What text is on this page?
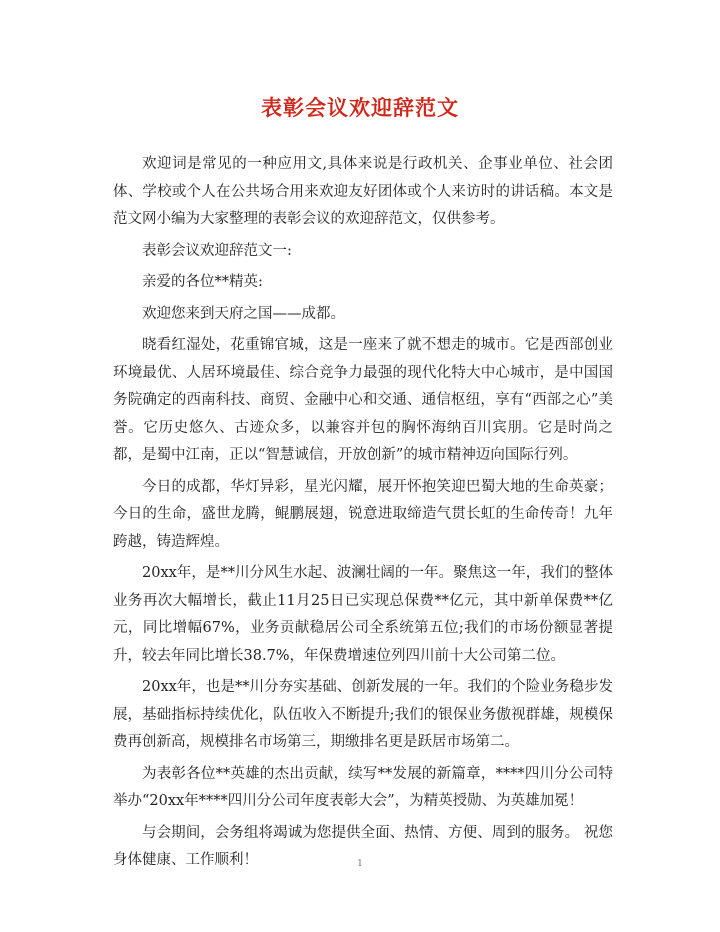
表彰会议欢迎辞范文

欢迎词是常见的一种应用文,具体来说是行政机关、企事业单位、社会团体、学校或个人在公共场合用来欢迎友好团体或个人来访时的讲话稿。本文是范文网小编为大家整理的表彰会议的欢迎辞范文，仅供参考。

表彰会议欢迎辞范文一:

亲爱的各位**精英:

欢迎您来到天府之国——成都。

晓看红湿处，花重锦官城，这是一座来了就不想走的城市。它是西部创业环境最优、人居环境最佳、综合竞争力最强的现代化特大中心城市，是中国国务院确定的西南科技、商贸、金融中心和交通、通信枢纽，享有“西部之心”美誉。它历史悠久、古迹众多，以兼容并包的胸怀海纳百川宾朋。它是时尚之都，是蜀中江南，正以“智慧诚信，开放创新”的城市精神迈向国际行列。

今日的成都，华灯异彩，星光闪耀，展开怀抱笑迎巴蜀大地的生命英豪；今日的生命，盛世龙腾，鲲鹏展翅，锐意进取缔造气贯长虹的生命传奇！九年跨越，铸造辉煌。

20xx年，是**川分风生水起、波澜壮阔的一年。聚焦这一年，我们的整体业务再次大幅增长，截止11月25日已实现总保费**亿元，其中新单保费**亿元，同比增幅67%，业务贡献稳居公司全系统第五位;我们的市场份额显著提升，较去年同比增长38.7%，年保费增速位列四川前十大公司第二位。

20xx年，也是**川分夯实基础、创新发展的一年。我们的个险业务稳步发展，基础指标持续优化，队伍收入不断提升;我们的银保业务傲视群雄，规模保费再创新高，规模排名市场第三，期缴排名更是跃居市场第二。

为表彰各位**英雄的杰出贡献，续写**发展的新篇章，****四川分公司特举办“20xx年****四川分公司年度表彰大会”，为精英授勋、为英雄加冕！

与会期间，会务组将竭诚为您提供全面、热情、方便、周到的服务。 祝您身体健康、工作顺利！	1
